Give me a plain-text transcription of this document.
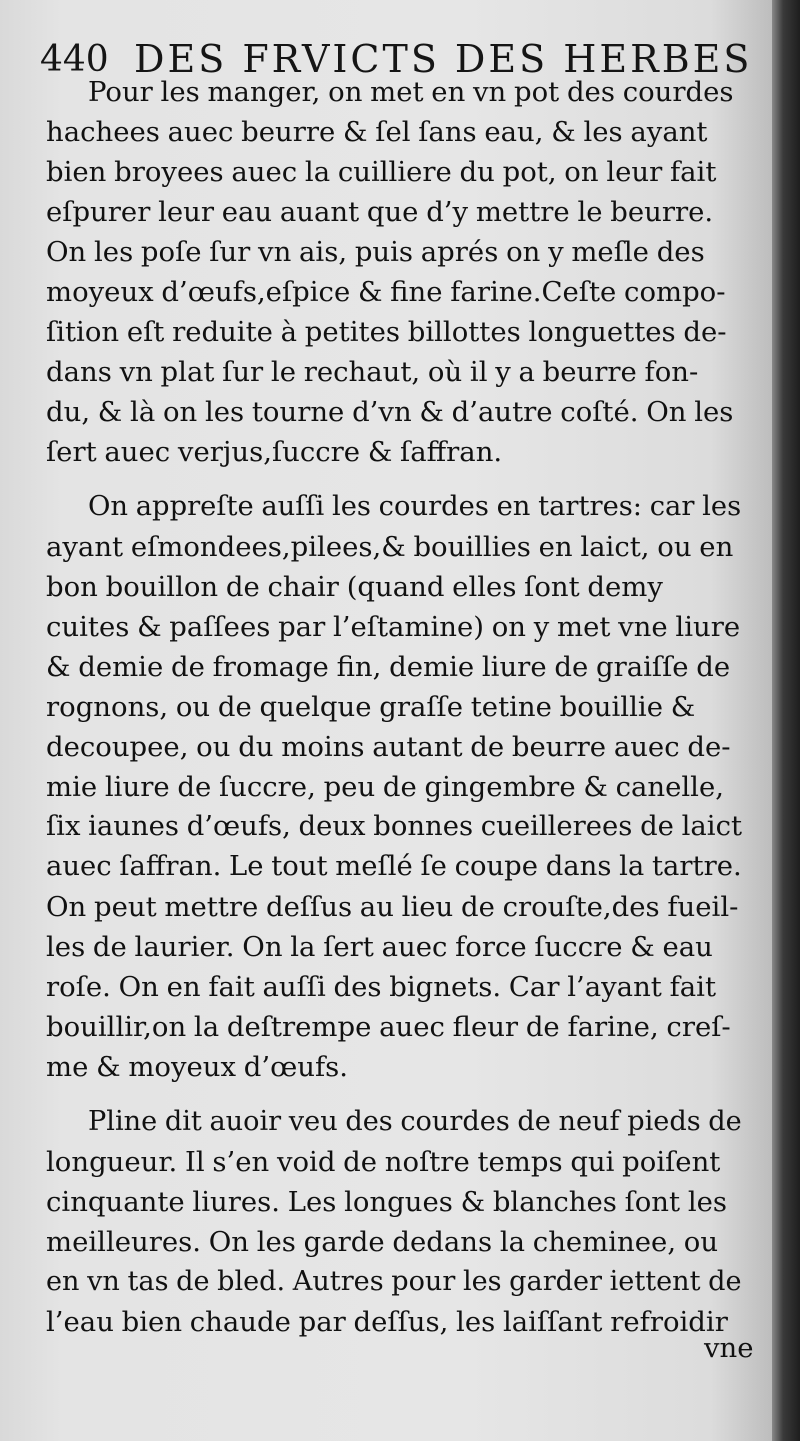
440 DES FRVICTS DES HERBES
Pour les manger, on met en vn pot des courdes
hachees auec beurre & ſel ſans eau, & les ayant
bien broyees auec la cuilliere du pot, on leur fait
eſpurer leur eau auant que d’y mettre le beurre.
On les poſe ſur vn ais, puis aprés on y meſle des
moyeux d’œufs,eſpice & fine farine.Ceſte compo-
ſition eſt reduite à petites billottes longuettes de-
dans vn plat ſur le rechaut, où il y a beurre fon-
du, & là on les tourne d’vn & d’autre coſté. On les
ſert auec verjus,ſuccre & ſaffran.
On appreſte auſſi les courdes en tartres: car les
ayant eſmondees,pilees,& bouillies en laict, ou en
bon bouillon de chair (quand elles ſont demy
cuites & paſſees par l’eſtamine) on y met vne liure
& demie de fromage fin, demie liure de graiſſe de
rognons, ou de quelque graſſe tetine bouillie &
decoupee, ou du moins autant de beurre auec de-
mie liure de ſuccre, peu de gingembre & canelle,
ſix iaunes d’œufs, deux bonnes cueillerees de laict
auec ſaffran. Le tout meſlé ſe coupe dans la tartre.
On peut mettre deſſus au lieu de crouſte,des fueil-
les de laurier. On la ſert auec force ſuccre & eau
roſe. On en fait auſſi des bignets. Car l’ayant fait
bouillir,on la deſtrempe auec fleur de farine, creſ-
me & moyeux d’œufs.
Pline dit auoir veu des courdes de neuf pieds de
longueur. Il s’en void de noſtre temps qui poiſent
cinquante liures. Les longues & blanches ſont les
meilleures. On les garde dedans la cheminee, ou
en vn tas de bled. Autres pour les garder iettent de
l’eau bien chaude par deſſus, les laiſſant refroidir
vne
